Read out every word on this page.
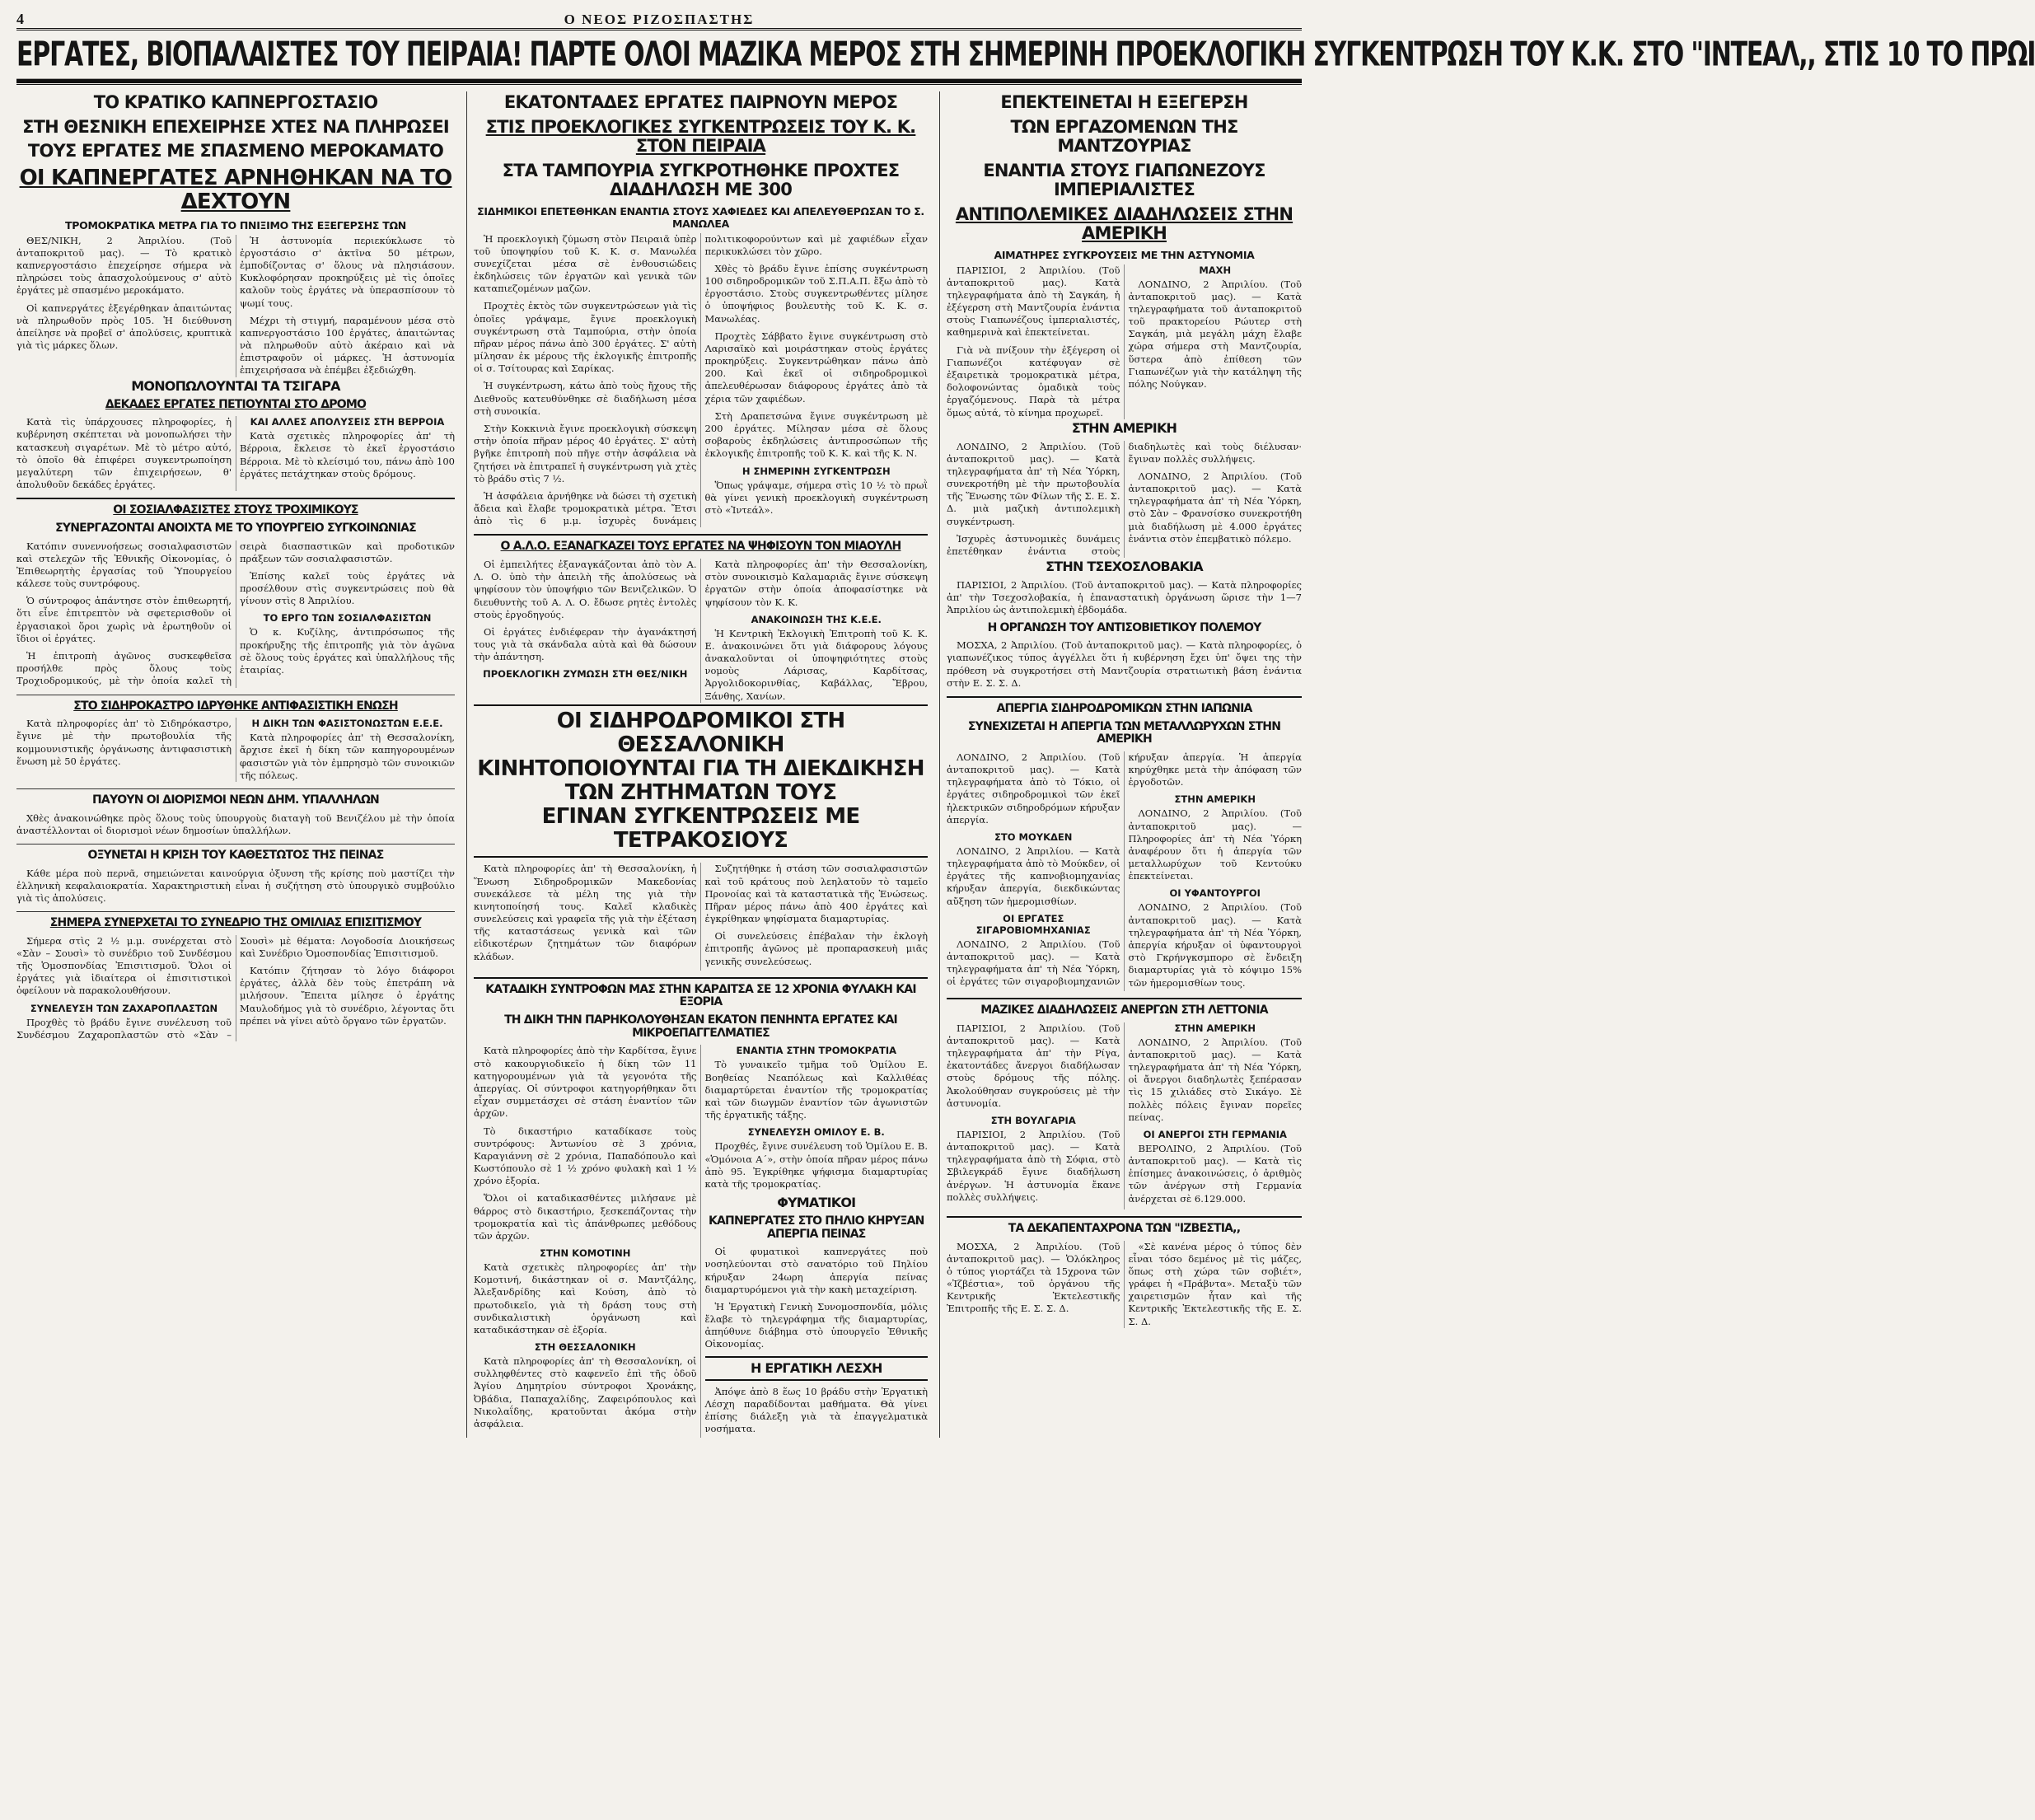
4	Ο ΝΕΟΣ ΡΙΖΟΣΠΑΣΤΗΣ
ΕΡΓΑΤΕΣ, ΒΙΟΠΑΛΑΙΣΤΕΣ ΤΟΥ ΠΕΙΡΑΙΑ! ΠΑΡΤΕ ΟΛΟΙ ΜΑΖΙΚΑ ΜΕΡΟΣ ΣΤΗ ΣΗΜΕΡΙΝΗ ΠΡΟΕΚΛΟΓΙΚΗ ΣΥΓΚΕΝΤΡΩΣΗ ΤΟΥ Κ.Κ. ΣΤΟ "ΙΝΤΕΑΛ,, ΣΤΙΣ 10 ΤΟ ΠΡΩΙ
ΤΟ ΚΡΑΤΙΚΟ ΚΑΠΝΕΡΓΟΣΤΑΣΙΟ
ΣΤΗ ΘΕΣΝΙΚΗ ΕΠΕΧΕΙΡΗΣΕ ΧΤΕΣ ΝΑ ΠΛΗΡΩΣΕΙ
ΤΟΥΣ ΕΡΓΑΤΕΣ ΜΕ ΣΠΑΣΜΕΝΟ ΜΕΡΟΚΑΜΑΤΟ
ΟΙ ΚΑΠΝΕΡΓΑΤΕΣ ΑΡΝΗΘΗΚΑΝ ΝΑ ΤΟ ΔΕΧΤΟΥΝ
ΤΡΟΜΟΚΡΑΤΙΚΑ ΜΕΤΡΑ ΓΙΑ ΤΟ ΠΝΙΞΙΜΟ ΤΗΣ ΕΞΕΓΕΡΣΗΣ ΤΩΝ

ΘΕΣ/ΝΙΚΗ, 2 Ἀπριλίου. (Τοῦ ἀνταποκριτοῦ μας). — Τὸ κρατικὸ καπνεργοστάσιο ἐπεχείρησε σήμερα νὰ πληρώσει τοὺς ἀπασχολούμενους σ' αὐτὸ ἐργάτες μὲ σπασμένο μεροκάματο.

Οἱ καπνεργάτες ἐξεγέρθηκαν ἀπαιτώντας νὰ πληρωθοῦν πρὸς 105. Ἡ διεύθυνση ἀπείλησε νὰ προβεῖ σ' ἀπολύσεις, κρυπτικὰ γιὰ τὶς μάρκες ὅλων.

Ἡ ἀστυνομία περιεκύκλωσε τὸ ἐργοστάσιο σ' ἀκτῖνα 50 μέτρων, ἐμποδίζοντας σ' ὅλους νὰ πλησιάσουν. Κυκλοφόρησαν προκηρύξεις μὲ τὶς ὁποῖες καλοῦν τοὺς ἐργάτες νὰ ὑπερασπίσουν τὸ ψωμί τους.

Μέχρι τὴ στιγμή, παραμένουν μέσα στὸ καπνεργοστάσιο 100 ἐργάτες, ἀπαιτώντας νὰ πληρωθοῦν αὐτὸ ἀκέραιο καὶ νὰ ἐπιστραφοῦν οἱ μάρκες. Ἡ ἀστυνομία ἐπιχειρήσασα νὰ ἐπέμβει ἐξεδιώχθη.

ΜΟΝΟΠΩΛΟΥΝΤΑΙ ΤΑ ΤΣΙΓΑΡΑ
ΔΕΚΑΔΕΣ ΕΡΓΑΤΕΣ ΠΕΤΙΟΥΝΤΑΙ ΣΤΟ ΔΡΟΜΟ

Κατὰ τὶς ὑπάρχουσες πληροφορίες, ἡ κυβέρνηση σκέπτεται νὰ μονοπωλήσει τὴν κατασκευὴ σιγαρέτων. Μὲ τὸ μέτρο αὐτό, τὸ ὁποῖο θὰ ἐπιφέρει συγκεντρωποίηση μεγαλύτερη τῶν ἐπιχειρήσεων, θ' ἀπολυθοῦν δεκάδες ἐργάτες.

ΚΑΙ ΑΛΛΕΣ ΑΠΟΛΥΣΕΙΣ ΣΤΗ ΒΕΡΡΟΙΑ

Κατὰ σχετικὲς πληροφορίες ἀπ' τὴ Βέρροια, ἔκλεισε τὸ ἐκεῖ ἐργοστάσιο Βέρροια. Μὲ τὸ κλείσιμό του, πάνω ἀπὸ 100 ἐργάτες πετάχτηκαν στοὺς δρόμους.

ΟΙ ΣΟΣΙΑΛΦΑΣΙΣΤΕΣ ΣΤΟΥΣ ΤΡΟΧΙΜΙΚΟΥΣ
ΣΥΝΕΡΓΑΖΟΝΤΑΙ ΑΝΟΙΧΤΑ ΜΕ ΤΟ ΥΠΟΥΡΓΕΙΟ ΣΥΓΚΟΙΝΩΝΙΑΣ

Κατόπιν συνεννοήσεως σοσιαλφασιστῶν καὶ στελεχῶν τῆς Ἐθνικῆς Οἰκονομίας, ὁ Ἐπιθεωρητὴς ἐργασίας τοῦ Ὑπουργείου κάλεσε τοὺς συντρόφους.

Ὁ σύντροφος ἀπάντησε στὸν ἐπιθεωρητή, ὅτι εἶνε ἐπιτρεπτὸν νὰ σφετερισθοῦν οἱ ἐργασιακοὶ ὅροι χωρὶς νὰ ἐρωτηθοῦν οἱ ἴδιοι οἱ ἐργάτες.

Ἡ ἐπιτροπὴ ἀγῶνος συσκεφθεῖσα προσήλθε πρὸς ὅλους τοὺς Τροχιοδρομικούς, μὲ τὴν ὁποία καλεῖ τὴ σειρὰ διασπαστικῶν καὶ προδοτικῶν πράξεων τῶν σοσιαλφασιστῶν.

Ἐπίσης καλεῖ τοὺς ἐργάτες νὰ προσέλθουν στὶς συγκεντρώσεις ποὺ θὰ γίνουν στὶς 8 Ἀπριλίου.

ΤΟ ΕΡΓΟ ΤΩΝ ΣΟΣΙΑΛΦΑΣΙΣΤΩΝ

Ὁ κ. Κυζίλης, ἀντιπρόσωπος τῆς προκήρυξης τῆς ἐπιτροπῆς γιὰ τὸν ἀγῶνα σὲ ὅλους τοὺς ἐργάτες καὶ ὑπαλλήλους τῆς ἑταιρίας.

ΣΤΟ ΣΙΔΗΡΟΚΑΣΤΡΟ ΙΔΡΥΘΗΚΕ ΑΝΤΙΦΑΣΙΣΤΙΚΗ ΕΝΩΣΗ

Κατὰ πληροφορίες ἀπ' τὸ Σιδηρόκαστρο, ἔγινε μὲ τὴν πρωτοβουλία τῆς κομμουνιστικῆς ὀργάνωσης ἀντιφασιστικὴ ἕνωση μὲ 50 ἐργάτες.

Η ΔΙΚΗ ΤΩΝ ΦΑΣΙΣΤΟΝΩΣΤΩΝ Ε.Ε.Ε.

Κατὰ πληροφορίες ἀπ' τὴ Θεσσαλονίκη, ἄρχισε ἐκεῖ ἡ δίκη τῶν καπηγορουμένων φασιστῶν γιὰ τὸν ἐμπρησμὸ τῶν συνοικιῶν τῆς πόλεως.

ΠΑΥΟΥΝ ΟΙ ΔΙΟΡΙΣΜΟΙ ΝΕΩΝ ΔΗΜ. ΥΠΑΛΛΗΛΩΝ

Χθὲς ἀνακοινώθηκε πρὸς ὅλους τοὺς ὑπουργοὺς διαταγὴ τοῦ Βενιζέλου μὲ τὴν ὁποία ἀναστέλλονται οἱ διορισμοὶ νέων δημοσίων ὑπαλλήλων.

ΟΞΥΝΕΤΑΙ Η ΚΡΙΣΗ ΤΟΥ ΚΑΘΕΣΤΩΤΟΣ ΤΗΣ ΠΕΙΝΑΣ

Κάθε μέρα ποὺ περνᾶ, σημειώνεται καινούργια ὀξυνση τῆς κρίσης ποὺ μαστίζει τὴν ἑλληνικὴ κεφαλαιοκρατία. Χαρακτηριστικὴ εἶναι ἡ συζήτηση στὸ ὑπουργικὸ συμβούλιο γιὰ τὶς ἀπολύσεις.

ΣΗΜΕΡΑ ΣΥΝΕΡΧΕΤΑΙ ΤΟ ΣΥΝΕΔΡΙΟ ΤΗΣ ΟΜΙΛΙΑΣ ΕΠΙΣΙΤΙΣΜΟΥ

Σήμερα στὶς 2 ½ μ.μ. συνέρχεται στὸ «Σὰν – Σουσὶ» τὸ συνέδριο τοῦ Συνδέσμου τῆς Ὁμοσπονδίας Ἐπισιτισμοῦ. Ὅλοι οἱ ἐργάτες γιὰ ἰδιαίτερα οἱ ἐπισιτιστικοὶ ὀφείλουν νὰ παρακολουθήσουν.

ΣΥΝΕΛΕΥΣΗ ΤΩΝ ΖΑΧΑΡΟΠΛΑΣΤΩΝ

Προχθὲς τὸ βράδυ ἔγινε συνέλευση τοῦ Συνδέσμου Ζαχαροπλαστῶν στὸ «Σὰν – Σουσὶ» μὲ θέματα: Λογοδοσία Διοικήσεως καὶ Συνέδριο Ὁμοσπονδίας Ἐπισιτισμοῦ.

Κατόπιν ζήτησαν τὸ λόγο διάφοροι ἐργάτες, ἀλλὰ δὲν τοὺς ἐπετράπη νὰ μιλήσουν. Ἔπειτα μίλησε ὁ ἐργάτης Μαυλοδήμος γιὰ τὸ συνέδριο, λέγοντας ὅτι πρέπει νὰ γίνει αὐτὸ ὄργανο τῶν ἐργατῶν.

ΕΚΑΤΟΝΤΑΔΕΣ ΕΡΓΑΤΕΣ ΠΑΙΡΝΟΥΝ ΜΕΡΟΣ
ΣΤΙΣ ΠΡΟΕΚΛΟΓΙΚΕΣ ΣΥΓΚΕΝΤΡΩΣΕΙΣ ΤΟΥ Κ. Κ. ΣΤΟΝ ΠΕΙΡΑΙΑ
ΣΤΑ ΤΑΜΠΟΥΡΙΑ ΣΥΓΚΡΟΤΗΘΗΚΕ ΠΡΟΧΤΕΣ ΔΙΑΔΗΛΩΣΗ ΜΕ 300
ΣΙΔΗΜΙΚΟΙ ΕΠΕΤΕΘΗΚΑΝ ΕΝΑΝΤΙΑ ΣΤΟΥΣ ΧΑΦΙΕΔΕΣ ΚΑΙ ΑΠΕΛΕΥΘΕΡΩΣΑΝ ΤΟ Σ. ΜΑΝΩΛΕΑ

Ἡ προεκλογικὴ ζύμωση στὸν Πειραιᾶ ὑπὲρ τοῦ ὑποψηφίου τοῦ Κ. Κ. σ. Μανωλέα συνεχίζεται μέσα σὲ ἐνθουσιώδεις ἐκδηλώσεις τῶν ἐργατῶν καὶ γενικὰ τῶν καταπιεζομένων μαζῶν.

Προχτὲς ἐκτὸς τῶν συγκεντρώσεων γιὰ τὶς ὁποῖες γράψαμε, ἔγινε προεκλογικὴ συγκέντρωση στὰ Ταμπούρια, στὴν ὁποία πῆραν μέρος πάνω ἀπὸ 300 ἐργάτες. Σ' αὐτὴ μίλησαν ἐκ μέρους τῆς ἐκλογικῆς ἐπιτροπῆς οἱ σ. Τσίτουρας καὶ Σαρίκας.

Ἡ συγκέντρωση, κάτω ἀπὸ τοὺς ἤχους τῆς Διεθνοῦς κατευθύνθηκε σὲ διαδήλωση μέσα στὴ συνοικία.

Στὴν Κοκκινιὰ ἔγινε προεκλογικὴ σύσκεψη στὴν ὁποία πῆραν μέρος 40 ἐργάτες. Σ' αὐτὴ βγῆκε ἐπιτροπὴ ποὺ πῆγε στὴν ἀσφάλεια νὰ ζητήσει νὰ ἐπιτραπεῖ ἡ συγκέντρωση γιὰ χτὲς τὸ βράδυ στὶς 7 ½.

Ἡ ἀσφάλεια ἀρνήθηκε νὰ δώσει τὴ σχετικὴ ἄδεια καὶ ἔλαβε τρομοκρατικὰ μέτρα. Ἔτσι ἀπὸ τὶς 6 μ.μ. ἰσχυρὲς δυνάμεις πολιτικοφορούντων καὶ μὲ χαφιέδων εἶχαν περικυκλώσει τὸν χῶρο.

Χθὲς τὸ βράδυ ἔγινε ἐπίσης συγκέντρωση 100 σιδηροδρομικῶν τοῦ Σ.Π.Α.Π. ἔξω ἀπὸ τὸ ἐργοστάσιο. Στοὺς συγκεντρωθέντες μίλησε ὁ ὑποψήφιος βουλευτὴς τοῦ Κ. Κ. σ. Μανωλέας.

Προχτὲς Σάββατο ἔγινε συγκέντρωση στὸ Λαρισαϊκὸ καὶ μοιράστηκαν στοὺς ἐργάτες προκηρύξεις. Συγκεντρώθηκαν πάνω ἀπὸ 200. Καὶ ἐκεῖ οἱ σιδηροδρομικοὶ ἀπελευθέρωσαν διάφορους ἐργάτες ἀπὸ τὰ χέρια τῶν χαφιέδων.

Στὴ Δραπετσώνα ἔγινε συγκέντρωση μὲ 200 ἐργάτες. Μίλησαν μέσα σὲ ὅλους σοβαροὺς ἐκδηλώσεις ἀντιπροσώπων τῆς ἐκλογικῆς ἐπιτροπῆς τοῦ Κ. Κ. καὶ τῆς Κ. Ν.

Η ΣΗΜΕΡΙΝΗ ΣΥΓΚΕΝΤΡΩΣΗ

Ὅπως γράψαμε, σήμερα στὶς 10 ½ τὸ πρωῒ θὰ γίνει γενικὴ προεκλογικὴ συγκέντρωση στὸ «Ἰντεάλ».

Ο Α.Λ.Ο. ΕΞΑΝΑΓΚΑΖΕΙ ΤΟΥΣ ΕΡΓΑΤΕΣ ΝΑ ΨΗΦΙΣΟΥΝ ΤΟΝ ΜΙΑΟΥΛΗ

Οἱ ἐμπειλήτες ἐξαναγκάζονται ἀπὸ τὸν Α. Λ. Ο. ὑπὸ τὴν ἀπειλὴ τῆς ἀπολύσεως νὰ ψηφίσουν τὸν ὑποψήφιο τῶν Βενιζελικῶν. Ὁ διευθυντὴς τοῦ Α. Λ. Ο. ἔδωσε ρητὲς ἐντολὲς στοὺς ἐργοδηγούς.

Οἱ ἐργάτες ἐνδιέφεραν τὴν ἀγανάκτησή τους γιὰ τὰ σκάνδαλα αὐτὰ καὶ θὰ δώσουν τὴν ἀπάντηση.

ΠΡΟΕΚΛΟΓΙΚΗ ΖΥΜΩΣΗ ΣΤΗ ΘΕΣ/ΝΙΚΗ

Κατὰ πληροφορίες ἀπ' τὴν Θεσσαλονίκη, στὸν συνοικισμὸ Καλαμαριᾶς ἔγινε σύσκεψη ἐργατῶν στὴν ὁποία ἀποφασίστηκε νὰ ψηφίσουν τὸν Κ. Κ.

ΑΝΑΚΟΙΝΩΣΗ ΤΗΣ Κ.Ε.Ε.

Ἡ Κεντρικὴ Ἐκλογικὴ Ἐπιτροπὴ τοῦ Κ. Κ. Ε. ἀνακοινώνει ὅτι γιὰ διάφορους λόγους ἀνακαλοῦνται οἱ ὑποψηφιότητες στοὺς νομοὺς Λάρισας, Καρδίτσας, Ἀργολιδοκορινθίας, Καβάλλας, Ἔβρου, Ξάνθης, Χανίων.

ΟΙ ΣΙΔΗΡΟΔΡΟΜΙΚΟΙ ΣΤΗ ΘΕΣΣΑΛΟΝΙΚΗ
ΚΙΝΗΤΟΠΟΙΟΥΝΤΑΙ ΓΙΑ ΤΗ ΔΙΕΚΔΙΚΗΣΗ ΤΩΝ ΖΗΤΗΜΑΤΩΝ ΤΟΥΣ
ΕΓΙΝΑΝ ΣΥΓΚΕΝΤΡΩΣΕΙΣ ΜΕ ΤΕΤΡΑΚΟΣΙΟΥΣ

Κατὰ πληροφορίες ἀπ' τὴ Θεσσαλονίκη, ἡ Ἕνωση Σιδηροδρομικῶν Μακεδονίας συνεκάλεσε τὰ μέλη της γιὰ τὴν κινητοποίησή τους. Καλεῖ κλαδικὲς συνελεύσεις καὶ γραφεῖα τῆς γιὰ τὴν ἐξέταση τῆς καταστάσεως γενικὰ καὶ τῶν εἰδικοτέρων ζητημάτων τῶν διαφόρων κλάδων.

Συζητήθηκε ἡ στάση τῶν σοσιαλφασιστῶν καὶ τοῦ κράτους ποὺ λεηλατοῦν τὸ ταμεῖο Προνοίας καὶ τὰ καταστατικὰ τῆς Ἑνώσεως. Πῆραν μέρος πάνω ἀπὸ 400 ἐργάτες καὶ ἐγκρίθηκαν ψηφίσματα διαμαρτυρίας.

Οἱ συνελεύσεις ἐπέβαλαν τὴν ἐκλογὴ ἐπιτροπῆς ἀγῶνος μὲ προπαρασκευὴ μιᾶς γενικῆς συνελεύσεως.

ΚΑΤΑΔΙΚΗ ΣΥΝΤΡΟΦΩΝ ΜΑΣ ΣΤΗΝ ΚΑΡΔΙΤΣΑ ΣΕ 12 ΧΡΟΝΙΑ ΦΥΛΑΚΗ ΚΑΙ ΕΞΟΡΙΑ
ΤΗ ΔΙΚΗ ΤΗΝ ΠΑΡΗΚΟΛΟΥΘΗΣΑΝ ΕΚΑΤΟΝ ΠΕΝΗΝΤΑ ΕΡΓΑΤΕΣ ΚΑΙ ΜΙΚΡΟΕΠΑΓΓΕΛΜΑΤΙΕΣ

Κατὰ πληροφορίες ἀπὸ τὴν Καρδίτσα, ἔγινε στὸ κακουργιοδικεῖο ἡ δίκη τῶν 11 κατηγορουμένων γιὰ τὰ γεγονότα τῆς ἀπεργίας. Οἱ σύντροφοι κατηγορήθηκαν ὅτι εἶχαν συμμετάσχει σὲ στάση ἐναντίον τῶν ἀρχῶν.

Τὸ δικαστήριο καταδίκασε τοὺς συντρόφους: Ἀντωνίου σὲ 3 χρόνια, Καραγιάννη σὲ 2 χρόνια, Παπαδόπουλο καὶ Κωστόπουλο σὲ 1 ½ χρόνο φυλακὴ καὶ 1 ½ χρόνο ἐξορία.

Ὅλοι οἱ καταδικασθέντες μιλήσανε μὲ θάρρος στὸ δικαστήριο, ξεσκεπάζοντας τὴν τρομοκρατία καὶ τὶς ἀπάνθρωπες μεθόδους τῶν ἀρχῶν.

ΣΤΗΝ ΚΟΜΟΤΙΝΗ

Κατὰ σχετικὲς πληροφορίες ἀπ' τὴν Κομοτινή, δικάστηκαν οἱ σ. Μαντζάλης, Ἀλεξανδρίδης καὶ Κούση, ἀπὸ τὸ πρωτοδικεῖο, γιὰ τὴ δράση τους στὴ συνδικαλιστικὴ ὀργάνωση καὶ καταδικάστηκαν σὲ ἐξορία.

ΣΤΗ ΘΕΣΣΑΛΟΝΙΚΗ

Κατὰ πληροφορίες ἀπ' τὴ Θεσσαλονίκη, οἱ συλληφθέντες στὸ καφενεῖο ἐπὶ τῆς ὁδοῦ Ἁγίου Δημητρίου σύντροφοι Χρονάκης, Ὀβάδια, Παπαχαλίδης, Ζαφειρόπουλος καὶ Νικολαΐδης, κρατοῦνται ἀκόμα στὴν ἀσφάλεια.

ΕΝΑΝΤΙΑ ΣΤΗΝ ΤΡΟΜΟΚΡΑΤΙΑ

Τὸ γυναικεῖο τμῆμα τοῦ Ὁμίλου Ε. Βοηθείας Νεαπόλεως καὶ Καλλιθέας διαμαρτύρεται ἐναντίον τῆς τρομοκρατίας καὶ τῶν διωγμῶν ἐναντίον τῶν ἀγωνιστῶν τῆς ἐργατικῆς τάξης.

ΣΥΝΕΛΕΥΣΗ ΟΜΙΛΟΥ Ε. Β.

Προχθές, ἔγινε συνέλευση τοῦ Ὁμίλου Ε. Β. «Ὁμόνοια Α΄», στὴν ὁποία πῆραν μέρος πάνω ἀπὸ 95. Ἐγκρίθηκε ψήφισμα διαμαρτυρίας κατὰ τῆς τρομοκρατίας.

ΦΥΜΑΤΙΚΟΙ
ΚΑΠΝΕΡΓΑΤΕΣ ΣΤΟ ΠΗΛΙΟ ΚΗΡΥΞΑΝ ΑΠΕΡΓΙΑ ΠΕΙΝΑΣ

Οἱ φυματικοὶ καπνεργάτες ποὺ νοσηλεύονται στὸ σανατόριο τοῦ Πηλίου κήρυξαν 24ωρη ἀπεργία πείνας διαμαρτυρόμενοι γιὰ τὴν κακὴ μεταχείριση.

Ἡ Ἐργατικὴ Γενικὴ Συνομοσπονδία, μόλις ἔλαβε τὸ τηλεγράφημα τῆς διαμαρτυρίας, ἀπηύθυνε διάβημα στὸ ὑπουργεῖο Ἐθνικῆς Οἰκονομίας.

Η ΕΡΓΑΤΙΚΗ ΛΕΣΧΗ

Ἀπόψε ἀπὸ 8 ἕως 10 βράδυ στὴν Ἐργατικὴ Λέσχη παραδίδονται μαθήματα. Θὰ γίνει ἐπίσης διάλεξη γιὰ τὰ ἐπαγγελματικὰ νοσήματα.

ΕΠΕΚΤΕΙΝΕΤΑΙ Η ΕΞΕΓΕΡΣΗ
ΤΩΝ ΕΡΓΑΖΟΜΕΝΩΝ ΤΗΣ ΜΑΝΤΖΟΥΡΙΑΣ
ΕΝΑΝΤΙΑ ΣΤΟΥΣ ΓΙΑΠΩΝΕΖΟΥΣ ΙΜΠΕΡΙΑΛΙΣΤΕΣ
ΑΝΤΙΠΟΛΕΜΙΚΕΣ ΔΙΑΔΗΛΩΣΕΙΣ ΣΤΗΝ ΑΜΕΡΙΚΗ
ΑΙΜΑΤΗΡΕΣ ΣΥΓΚΡΟΥΣΕΙΣ ΜΕ ΤΗΝ ΑΣΤΥΝΟΜΙΑ

ΠΑΡΙΣΙΟΙ, 2 Ἀπριλίου. (Τοῦ ἀνταποκριτοῦ μας). Κατὰ τηλεγραφήματα ἀπὸ τὴ Σαγκάη, ἡ ἐξέγερση στὴ Μαντζουρία ἐνάντια στοὺς Γιαπωνέζους ἰμπεριαλιστές, καθημερινὰ καὶ ἐπεκτείνεται.

Γιὰ νὰ πνίξουν τὴν ἐξέγερση οἱ Γιαπωνέζοι κατέφυγαν σὲ ἐξαιρετικὰ τρομοκρατικὰ μέτρα, δολοφονώντας ὁμαδικὰ τοὺς ἐργαζόμενους. Παρὰ τὰ μέτρα ὅμως αὐτά, τὸ κίνημα προχωρεῖ.

ΜΑΧΗ

ΛΟΝΔΙΝΟ, 2 Ἀπριλίου. (Τοῦ ἀνταποκριτοῦ μας). — Κατὰ τηλεγραφήματα τοῦ ἀνταποκριτοῦ τοῦ πρακτορείου Ρώυτερ στὴ Σαγκάη, μιὰ μεγάλη μάχη ἔλαβε χώρα σήμερα στὴ Μαντζουρία, ὕστερα ἀπὸ ἐπίθεση τῶν Γιαπωνέζων γιὰ τὴν κατάληψη τῆς πόλης Νούγκαν.

ΣΤΗΝ ΑΜΕΡΙΚΗ

ΛΟΝΔΙΝΟ, 2 Ἀπριλίου. (Τοῦ ἀνταποκριτοῦ μας). — Κατὰ τηλεγραφήματα ἀπ' τὴ Νέα Ὑόρκη, συνεκροτήθη μὲ τὴν πρωτοβουλία τῆς Ἕνωσης τῶν Φίλων τῆς Σ. Ε. Σ. Δ. μιὰ μαζικὴ ἀντιπολεμικὴ συγκέντρωση.

Ἰσχυρὲς ἀστυνομικὲς δυνάμεις ἐπετέθηκαν ἐνάντια στοὺς διαδηλωτὲς καὶ τοὺς διέλυσαν· ἔγιναν πολλὲς συλλήψεις.

ΛΟΝΔΙΝΟ, 2 Ἀπριλίου. (Τοῦ ἀνταποκριτοῦ μας). — Κατὰ τηλεγραφήματα ἀπ' τὴ Νέα Ὑόρκη, στὸ Σὰν – Φρανσίσκο συνεκροτήθη μιὰ διαδήλωση μὲ 4.000 ἐργάτες ἐνάντια στὸν ἐπεμβατικὸ πόλεμο.

ΣΤΗΝ ΤΣΕΧΟΣΛΟΒΑΚΙΑ

ΠΑΡΙΣΙΟΙ, 2 Ἀπριλίου. (Τοῦ ἀνταποκριτοῦ μας). — Κατὰ πληροφορίες ἀπ' τὴν Τσεχοσλοβακία, ἡ ἐπαναστατικὴ ὀργάνωση ὥρισε τὴν 1—7 Ἀπριλίου ὡς ἀντιπολεμικὴ ἑβδομάδα.

Η ΟΡΓΑΝΩΣΗ ΤΟΥ ΑΝΤΙΣΟΒΙΕΤΙΚΟΥ ΠΟΛΕΜΟΥ

ΜΟΣΧΑ, 2 Ἀπριλίου. (Τοῦ ἀνταποκριτοῦ μας). — Κατὰ πληροφορίες, ὁ γιαπωνέζικος τύπος ἀγγέλλει ὅτι ἡ κυβέρνηση ἔχει ὑπ' ὄψει της τὴν πρόθεση νὰ συγκροτήσει στὴ Μαντζουρία στρατιωτικὴ βάση ἐνάντια στὴν Ε. Σ. Σ. Δ.

ΑΠΕΡΓΙΑ ΣΙΔΗΡΟΔΡΟΜΙΚΩΝ ΣΤΗΝ ΙΑΠΩΝΙΑ
ΣΥΝΕΧΙΖΕΤΑΙ Η ΑΠΕΡΓΙΑ ΤΩΝ ΜΕΤΑΛΛΩΡΥΧΩΝ ΣΤΗΝ ΑΜΕΡΙΚΗ

ΛΟΝΔΙΝΟ, 2 Ἀπριλίου. (Τοῦ ἀνταποκριτοῦ μας). — Κατὰ τηλεγραφήματα ἀπὸ τὸ Τόκιο, οἱ ἐργάτες σιδηροδρομικοὶ τῶν ἐκεῖ ἠλεκτρικῶν σιδηροδρόμων κήρυξαν ἀπεργία.

ΣΤΟ ΜΟΥΚΔΕΝ

ΛΟΝΔΙΝΟ, 2 Ἀπριλίου. — Κατὰ τηλεγραφήματα ἀπὸ τὸ Μούκδεν, οἱ ἐργάτες τῆς καπνοβιομηχανίας κήρυξαν ἀπεργία, διεκδικώντας αὔξηση τῶν ἡμερομισθίων.

ΟΙ ΕΡΓΑΤΕΣ ΣΙΓΑΡΟΒΙΟΜΗΧΑΝΙΑΣ

ΛΟΝΔΙΝΟ, 2 Ἀπριλίου. (Τοῦ ἀνταποκριτοῦ μας). — Κατὰ τηλεγραφήματα ἀπ' τὴ Νέα Ὑόρκη, οἱ ἐργάτες τῶν σιγαροβιομηχανιῶν κήρυξαν ἀπεργία. Ἡ ἀπεργία κηρύχθηκε μετὰ τὴν ἀπόφαση τῶν ἐργοδοτῶν.

ΣΤΗΝ ΑΜΕΡΙΚΗ

ΛΟΝΔΙΝΟ, 2 Ἀπριλίου. (Τοῦ ἀνταποκριτοῦ μας). — Πληροφορίες ἀπ' τὴ Νέα Ὑόρκη ἀναφέρουν ὅτι ἡ ἀπεργία τῶν μεταλλωρύχων τοῦ Κεντούκυ ἐπεκτείνεται.

ΟΙ ΥΦΑΝΤΟΥΡΓΟΙ

ΛΟΝΔΙΝΟ, 2 Ἀπριλίου. (Τοῦ ἀνταποκριτοῦ μας). — Κατὰ τηλεγραφήματα ἀπ' τὴ Νέα Ὑόρκη, ἀπεργία κήρυξαν οἱ ὑφαντουργοὶ στὸ Γκρήνγκσμπορο σὲ ἔνδειξη διαμαρτυρίας γιὰ τὸ κόψιμο 15% τῶν ἡμερομισθίων τους.

ΜΑΖΙΚΕΣ ΔΙΑΔΗΛΩΣΕΙΣ ΑΝΕΡΓΩΝ ΣΤΗ ΛΕΤΤΟΝΙΑ

ΠΑΡΙΣΙΟΙ, 2 Ἀπριλίου. (Τοῦ ἀνταποκριτοῦ μας). — Κατὰ τηλεγραφήματα ἀπ' τὴν Ρίγα, ἐκατοντάδες ἄνεργοι διαδήλωσαν στοὺς δρόμους τῆς πόλης. Ἀκολούθησαν συγκρούσεις μὲ τὴν ἀστυνομία.

ΣΤΗ ΒΟΥΛΓΑΡΙΑ

ΠΑΡΙΣΙΟΙ, 2 Ἀπριλίου. (Τοῦ ἀνταποκριτοῦ μας). — Κατὰ τηλεγραφήματα ἀπὸ τὴ Σόφια, στὸ Σβιλεγκράδ ἔγινε διαδήλωση ἀνέργων. Ἡ ἀστυνομία ἔκανε πολλὲς συλλήψεις.

ΣΤΗΝ ΑΜΕΡΙΚΗ

ΛΟΝΔΙΝΟ, 2 Ἀπριλίου. (Τοῦ ἀνταποκριτοῦ μας). — Κατὰ τηλεγραφήματα ἀπ' τὴ Νέα Ὑόρκη, οἱ ἄνεργοι διαδηλωτὲς ξεπέρασαν τὶς 15 χιλιάδες στὸ Σικάγο. Σὲ πολλὲς πόλεις ἔγιναν πορεῖες πείνας.

ΟΙ ΑΝΕΡΓΟΙ ΣΤΗ ΓΕΡΜΑΝΙΑ

ΒΕΡΟΛΙΝΟ, 2 Ἀπριλίου. (Τοῦ ἀνταποκριτοῦ μας). — Κατὰ τὶς ἐπίσημες ἀνακοινώσεις, ὁ ἀριθμὸς τῶν ἀνέργων στὴ Γερμανία ἀνέρχεται σὲ 6.129.000.

ΤΑ ΔΕΚΑΠΕΝΤΑΧΡΟΝΑ ΤΩΝ "ΙΖΒΕΣΤΙΑ,,

ΜΟΣΧΑ, 2 Ἀπριλίου. (Τοῦ ἀνταποκριτοῦ μας). — Ὁλόκληρος ὁ τύπος γιορτάζει τὰ 15χρονα τῶν «Ἰζβέστια», τοῦ ὀργάνου τῆς Κεντρικῆς Ἐκτελεστικῆς Ἐπιτροπῆς τῆς Ε. Σ. Σ. Δ.

«Σὲ κανένα μέρος ὁ τύπος δὲν εἶναι τόσο δεμένος μὲ τὶς μάζες, ὅπως στὴ χώρα τῶν σοβιέτ», γράφει ἡ «Πράβντα». Μεταξὺ τῶν χαιρετισμῶν ἦταν καὶ τῆς Κεντρικῆς Ἐκτελεστικῆς τῆς Ε. Σ. Σ. Δ.
